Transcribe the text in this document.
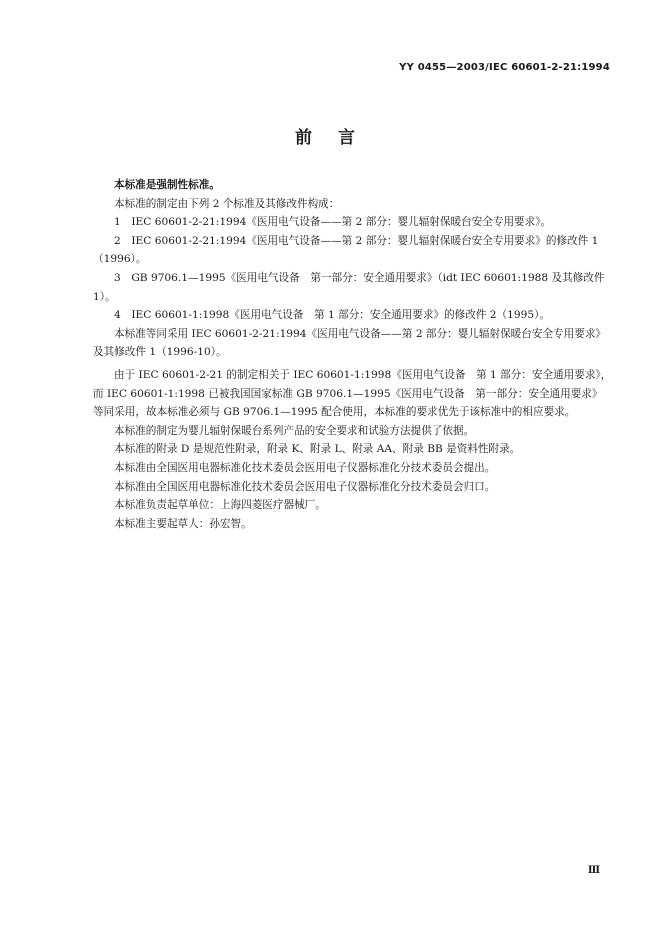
YY 0455—2003/IEC 60601-2-21:1994
前言

本标准是强制性标准。

本标准的制定由下列 2 个标准及其修改件构成：

1　IEC 60601-2-21:1994《医用电气设备——第 2 部分：婴儿辐射保暖台安全专用要求》。

2　IEC 60601-2-21:1994《医用电气设备——第 2 部分：婴儿辐射保暖台安全专用要求》的修改件 1（1996）。

3　GB 9706.1—1995《医用电气设备　第一部分：安全通用要求》（idt IEC 60601:1988 及其修改件 1）。

4　IEC 60601-1:1998《医用电气设备　第 1 部分：安全通用要求》的修改件 2（1995）。

本标准等同采用 IEC 60601-2-21:1994《医用电气设备——第 2 部分：婴儿辐射保暖台安全专用要求》及其修改件 1（1996-10）。

由于 IEC 60601-2-21 的制定相关于 IEC 60601-1:1998《医用电气设备　第 1 部分：安全通用要求》，而 IEC 60601-1:1998 已被我国国家标准 GB 9706.1—1995《医用电气设备　第一部分：安全通用要求》等同采用，故本标准必须与 GB 9706.1—1995 配合使用，本标准的要求优先于该标准中的相应要求。

本标准的制定为婴儿辐射保暖台系列产品的安全要求和试验方法提供了依据。

本标准的附录 D 是规范性附录，附录 K、附录 L、附录 AA、附录 BB 是资料性附录。

本标准由全国医用电器标准化技术委员会医用电子仪器标准化分技术委员会提出。

本标准由全国医用电器标准化技术委员会医用电子仪器标准化分技术委员会归口。

本标准负责起草单位：上海四菱医疗器械厂。

本标准主要起草人：孙宏智。

Ⅲ
